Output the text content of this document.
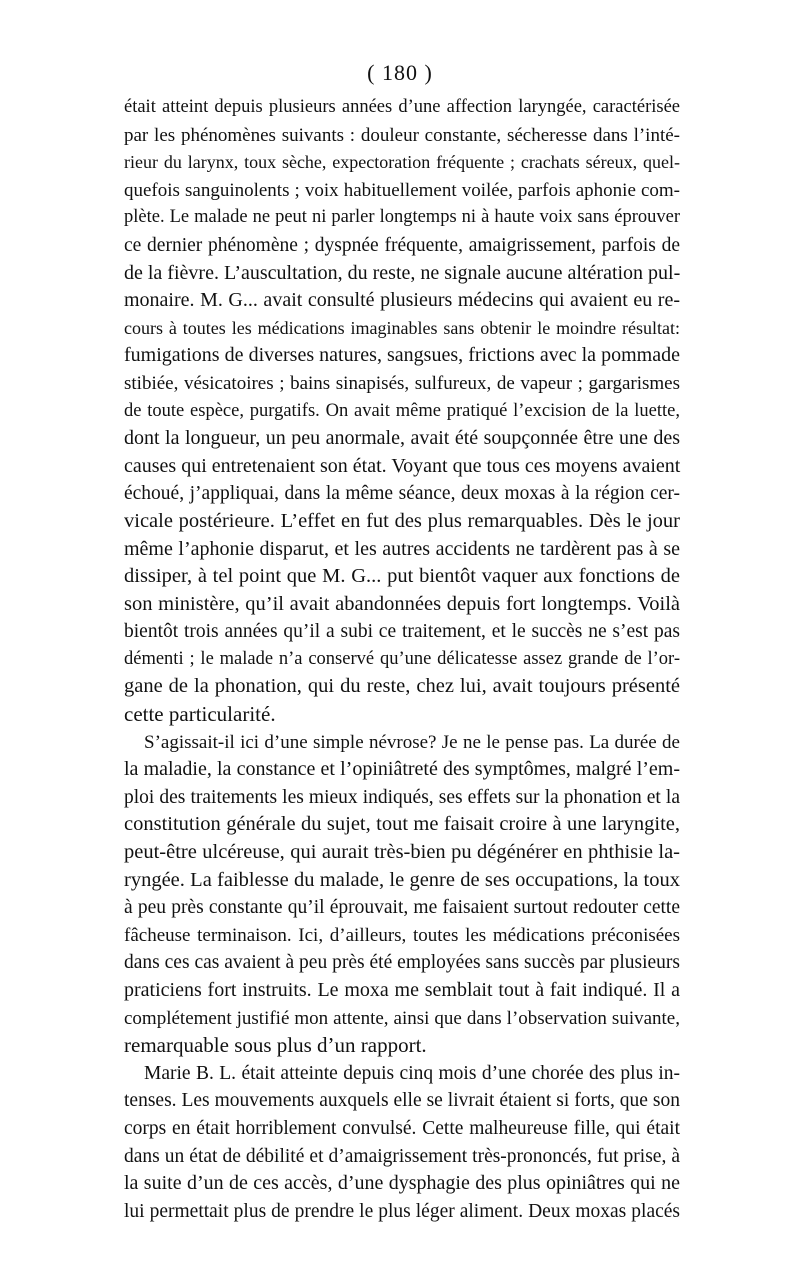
( 180 )
était atteint depuis plusieurs années d’une affection laryngée, caractérisée
par les phénomènes suivants : douleur constante, sécheresse dans l’inté-
rieur du larynx, toux sèche, expectoration fréquente ; crachats séreux, quel-
quefois sanguinolents ; voix habituellement voilée, parfois aphonie com-
plète. Le malade ne peut ni parler longtemps ni à haute voix sans éprouver
ce dernier phénomène ; dyspnée fréquente, amaigrissement, parfois de
de la fièvre. L’auscultation, du reste, ne signale aucune altération pul-
monaire. M. G... avait consulté plusieurs médecins qui avaient eu re-
cours à toutes les médications imaginables sans obtenir le moindre résultat:
fumigations de diverses natures, sangsues, frictions avec la pommade
stibiée, vésicatoires ; bains sinapisés, sulfureux, de vapeur ; gargarismes
de toute espèce, purgatifs. On avait même pratiqué l’excision de la luette,
dont la longueur, un peu anormale, avait été soupçonnée être une des
causes qui entretenaient son état. Voyant que tous ces moyens avaient
échoué, j’appliquai, dans la même séance, deux moxas à la région cer-
vicale postérieure. L’effet en fut des plus remarquables. Dès le jour
même l’aphonie disparut, et les autres accidents ne tardèrent pas à se
dissiper, à tel point que M. G... put bientôt vaquer aux fonctions de
son ministère, qu’il avait abandonnées depuis fort longtemps. Voilà
bientôt trois années qu’il a subi ce traitement, et le succès ne s’est pas
démenti ; le malade n’a conservé qu’une délicatesse assez grande de l’or-
gane de la phonation, qui du reste, chez lui, avait toujours présenté
cette particularité.
S’agissait-il ici d’une simple névrose? Je ne le pense pas. La durée de
la maladie, la constance et l’opiniâtreté des symptômes, malgré l’em-
ploi des traitements les mieux indiqués, ses effets sur la phonation et la
constitution générale du sujet, tout me faisait croire à une laryngite,
peut-être ulcéreuse, qui aurait très-bien pu dégénérer en phthisie la-
ryngée. La faiblesse du malade, le genre de ses occupations, la toux
à peu près constante qu’il éprouvait, me faisaient surtout redouter cette
fâcheuse terminaison. Ici, d’ailleurs, toutes les médications préconisées
dans ces cas avaient à peu près été employées sans succès par plusieurs
praticiens fort instruits. Le moxa me semblait tout à fait indiqué. Il a
complétement justifié mon attente, ainsi que dans l’observation suivante,
remarquable sous plus d’un rapport.
Marie B. L. était atteinte depuis cinq mois d’une chorée des plus in-
tenses. Les mouvements auxquels elle se livrait étaient si forts, que son
corps en était horriblement convulsé. Cette malheureuse fille, qui était
dans un état de débilité et d’amaigrissement très-prononcés, fut prise, à
la suite d’un de ces accès, d’une dysphagie des plus opiniâtres qui ne
lui permettait plus de prendre le plus léger aliment. Deux moxas placés
